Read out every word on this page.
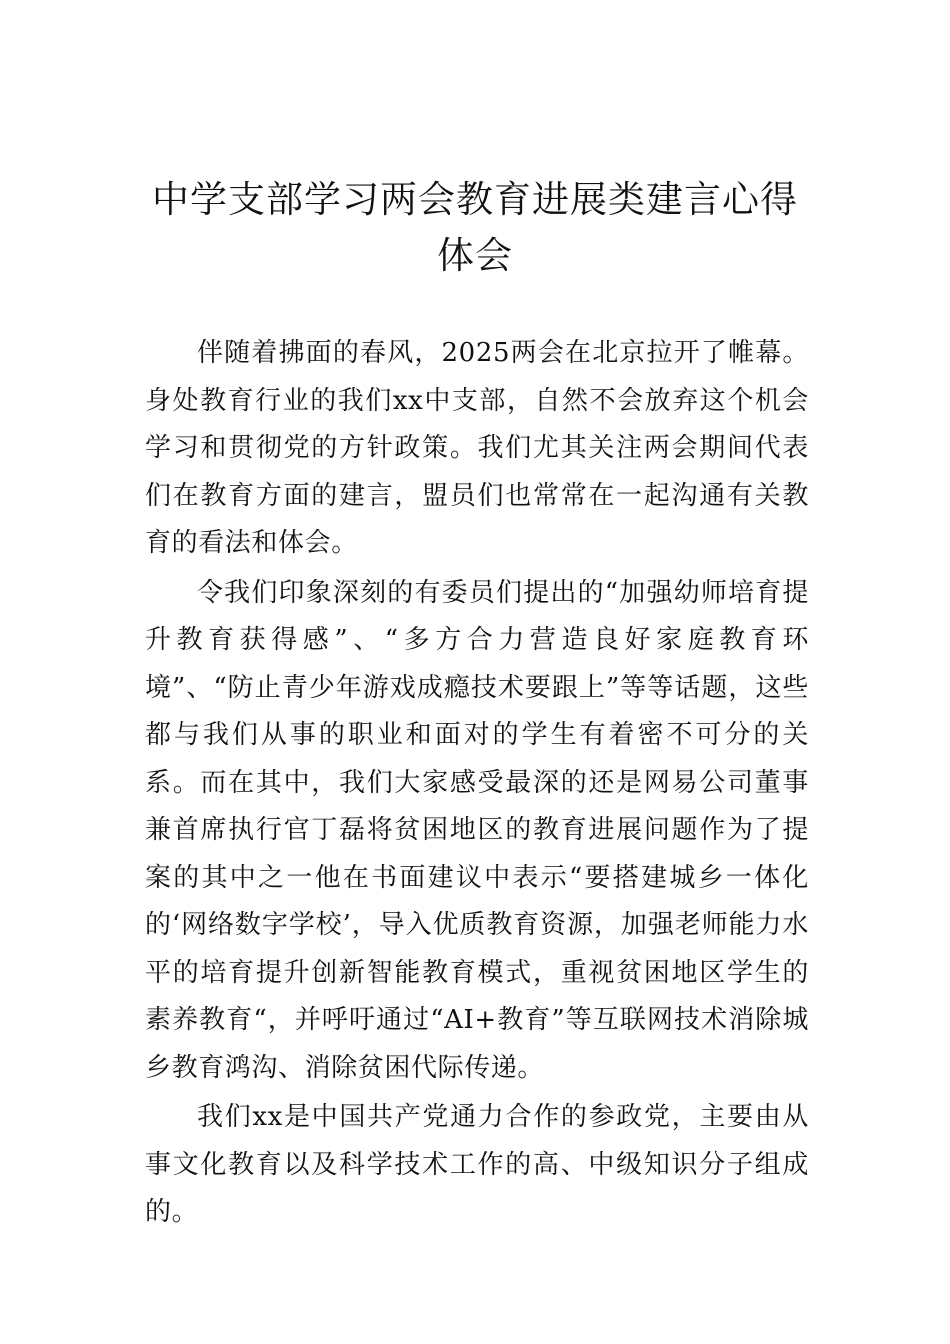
中学支部学习两会教育进展类建言心得体会

伴随着拂面的春风，2025两会在北京拉开了帷幕。身处教育行业的我们xx中支部，自然不会放弃这个机会学习和贯彻党的方针政策。我们尤其关注两会期间代表们在教育方面的建言，盟员们也常常在一起沟通有关教育的看法和体会。

令我们印象深刻的有委员们提出的“加强幼师培育提升教育获得感”、“多方合力营造良好家庭教育环境”、“防止青少年游戏成瘾技术要跟上”等等话题，这些都与我们从事的职业和面对的学生有着密不可分的关系。而在其中，我们大家感受最深的还是网易公司董事兼首席执行官丁磊将贫困地区的教育进展问题作为了提案的其中之一他在书面建议中表示“要搭建城乡一体化的‘网络数字学校’，导入优质教育资源，加强老师能力水平的培育提升创新智能教育模式，重视贫困地区学生的素养教育“，并呼吁通过“AI+教育”等互联网技术消除城乡教育鸿沟、消除贫困代际传递。

我们xx是中国共产党通力合作的参政党，主要由从事文化教育以及科学技术工作的高、中级知识分子组成的。
